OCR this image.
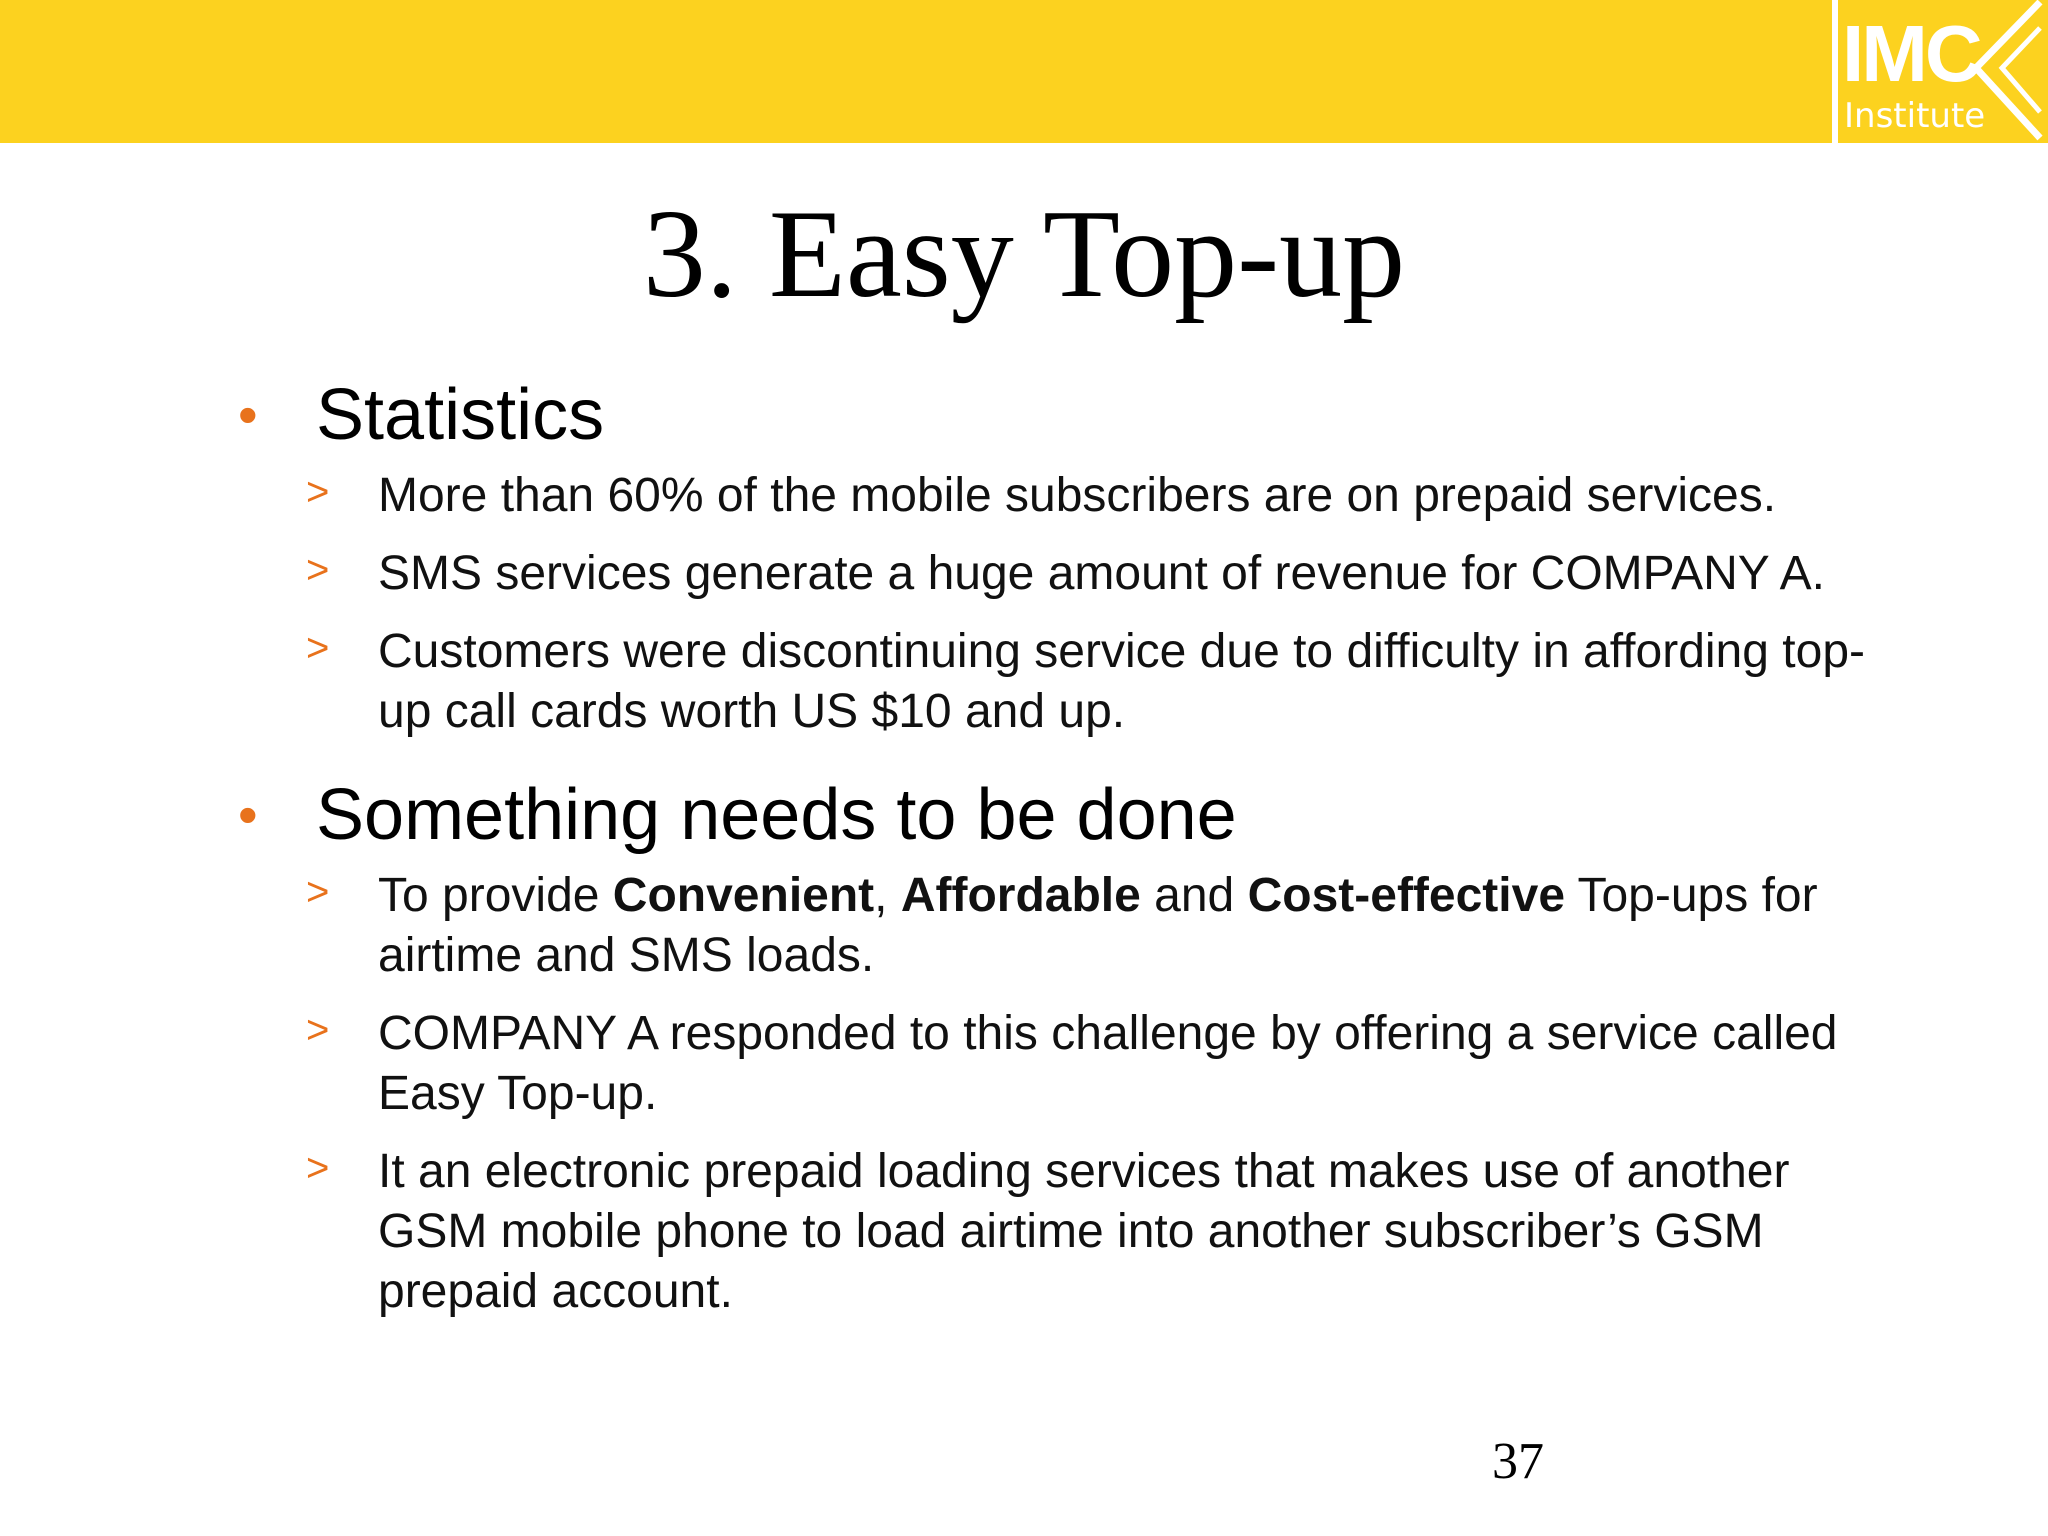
IMC
Institute
3. Easy Top-up
• Statistics
> More than 60% of the mobile subscribers are on prepaid services.
> SMS services generate a huge amount of revenue for COMPANY A.
> Customers were discontinuing service due to difficulty in affording top-up call cards worth US $10 and up.
• Something needs to be done
> To provide Convenient, Affordable and Cost-effective Top-ups for airtime and SMS loads.
> COMPANY A responded to this challenge by offering a service called Easy Top-up.
> It an electronic prepaid loading services that makes use of another GSM mobile phone to load airtime into another subscriber’s GSM prepaid account.
37
